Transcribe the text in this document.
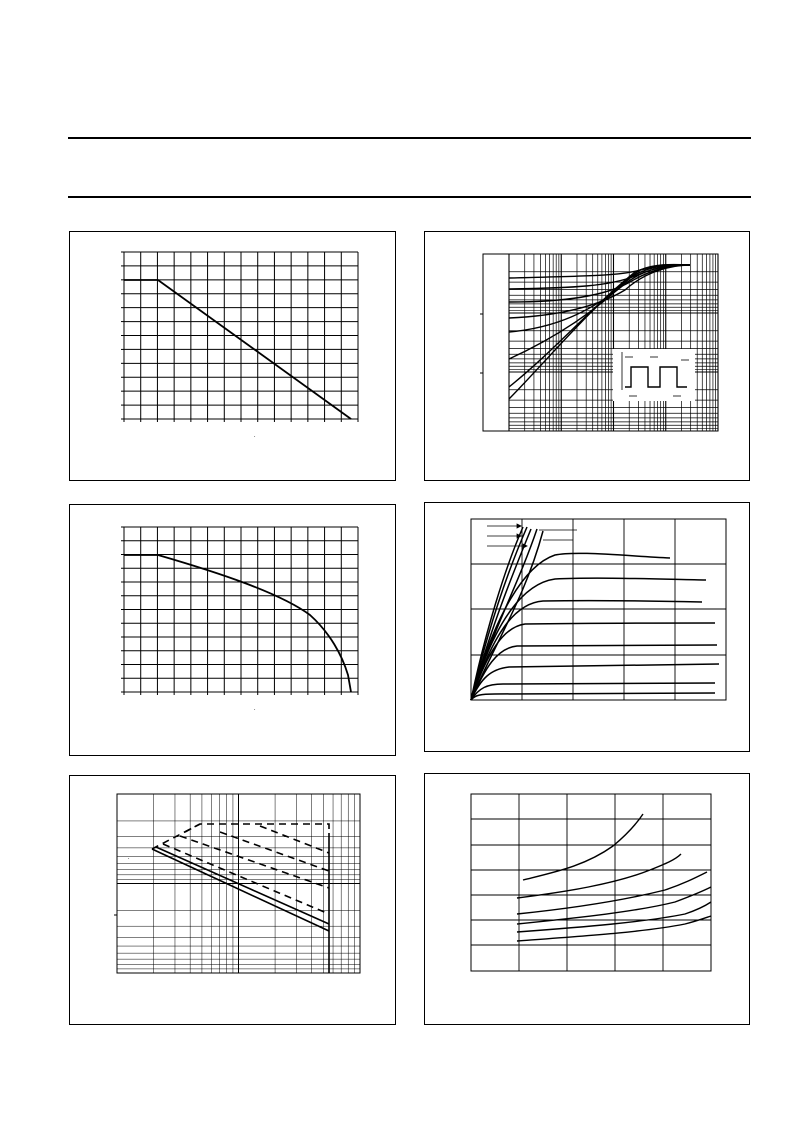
*
*
*
